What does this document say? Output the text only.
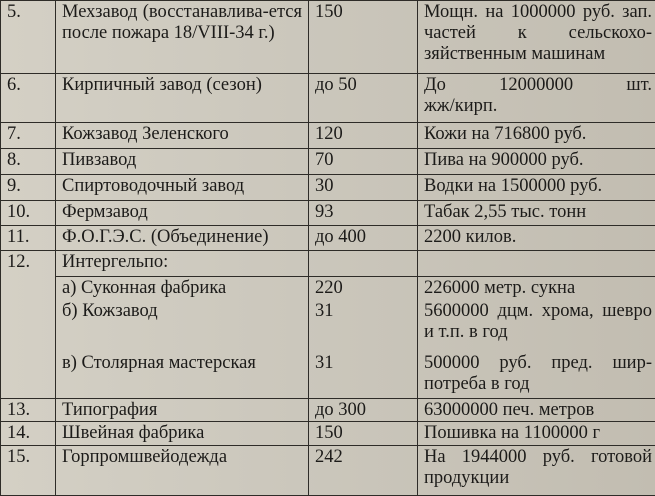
5.	Мехзавод (восстанавлива-ется после пожара 18/VIII-34 г.)	150	Мощн. на 1000000 руб. зап. частей к сельскохо-зяйственным машинам
6.	Кирпичный завод (сезон)	до 50	До 12000000 шт. жж/кирп.
7.	Кожзавод Зеленского	120	Кожи на 716800 руб.
8.	Пивзавод	70	Пива на 900000 руб.
9.	Спиртоводочный завод	30	Водки на 1500000 руб.
10.	Фермзавод	93	Табак 2,55 тыс. тонн
11.	Ф.О.Г.Э.С. (Объединение)	до 400	2200 килов.
12.	Интергельпо:		
	а) Суконная фабрика	220	226000 метр. сукна
	б) Кожзавод	31	5600000 дцм. хрома, шевро и т.п. в год
	в) Столярная мастерская	31	500000 руб. пред. шир-потреба в год
13.	Типография	до 300	63000000 печ. метров
14.	Швейная фабрика	150	Пошивка на 1100000 г
15.	Горпромшвейодежда	242	На 1944000 руб. готовой продукции
